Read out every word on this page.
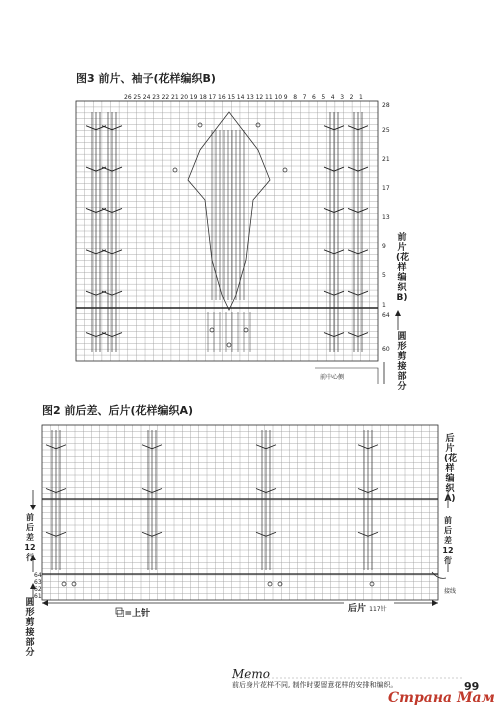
图3 前片、袖子(花样编织B)
26 25 24 23 22 21 20 19 18 17 16 15 14 13 12 11 10 9 8 7 6 5 4 3 2 1
28
25
21
17
13
9
5
1
64
60
前
片
(花
样
编
织
B)
圆
形
剪
接
部
分
前中心侧
图2 前后差、后片(花样编织A)
后
片
(花
样
编
织
A)
前
后
差
12
行
前
后
差
12
行
64
63
62
61
圆
形
剪
接
部
分
□=上针	后片 117针
接线
Memo
前后身片花样不同, 制作时要留意花样的安排和编织。	99
Страна Мам
